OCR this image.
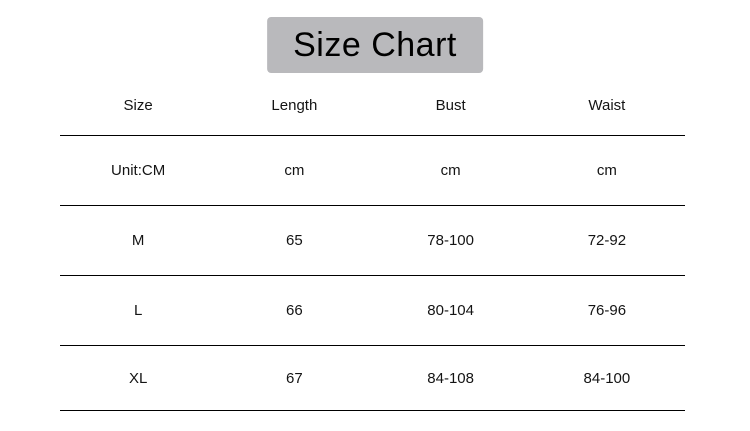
Size Chart
Size	Length	Bust	Waist
Unit:CM	cm	cm	cm
M	65	78-100	72-92
L	66	80-104	76-96
XL	67	84-108	84-100
